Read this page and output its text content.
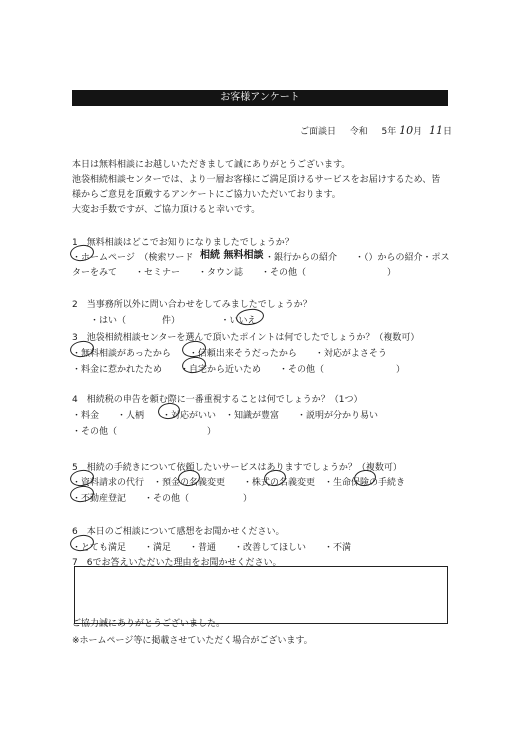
お客様アンケート
ご面談日 令和 5年 10月 11日
本日は無料相談にお越しいただきまして誠にありがとうございます。
池袋相続相談センターでは、より一層お客様にご満足頂けるサービスをお届けするため、皆
様からご意見を頂戴するアンケートにご協力いただいております。
大変お手数ですが、ご協力頂けると幸いです。
1　無料相談はどこでお知りになりましたでしょうか？
・ホームページ　（検索ワード 相続 無料相談 ・銀行からの紹介　　・（）からの紹介・ポス
ターをみて　　・セミナー　　・タウン誌　　・その他（　　　　　　　　　）
2　当事務所以外に問い合わせをしてみましたでしょうか？
・はい（　　　　件）　　　　　・いいえ
3　池袋相続相談センターを選んで頂いたポイントは何でしたでしょうか？（複数可）
・無料相談があったから　　・信頼出来そうだったから　　・対応がよさそう
・料金に惹かれたため　　・自宅から近いため　　・その他（　　　　　　　　）
4　相続税の申告を頼む際に一番重視することは何でしょうか？（1つ）
・料金　　・人柄　　・対応がいい　・知識が豊富　　・説明が分かり易い
・その他（　　　　　　　　　　）
5　相続の手続きについて依頼したいサービスはありますでしょうか？（複数可）
・資料請求の代行　・預金の名義変更　　・株式の名義変更　・生命保険の手続き
・不動産登記　　・その他（　　　　　　）
6　本日のご相談について感想をお聞かせください。
・とても満足　　・満足　　・普通　　・改善してほしい　　・不満
7　6でお答えいただいた理由をお聞かせください。
ご協力誠にありがとうございました。
※ホームページ等に掲載させていただく場合がございます。
